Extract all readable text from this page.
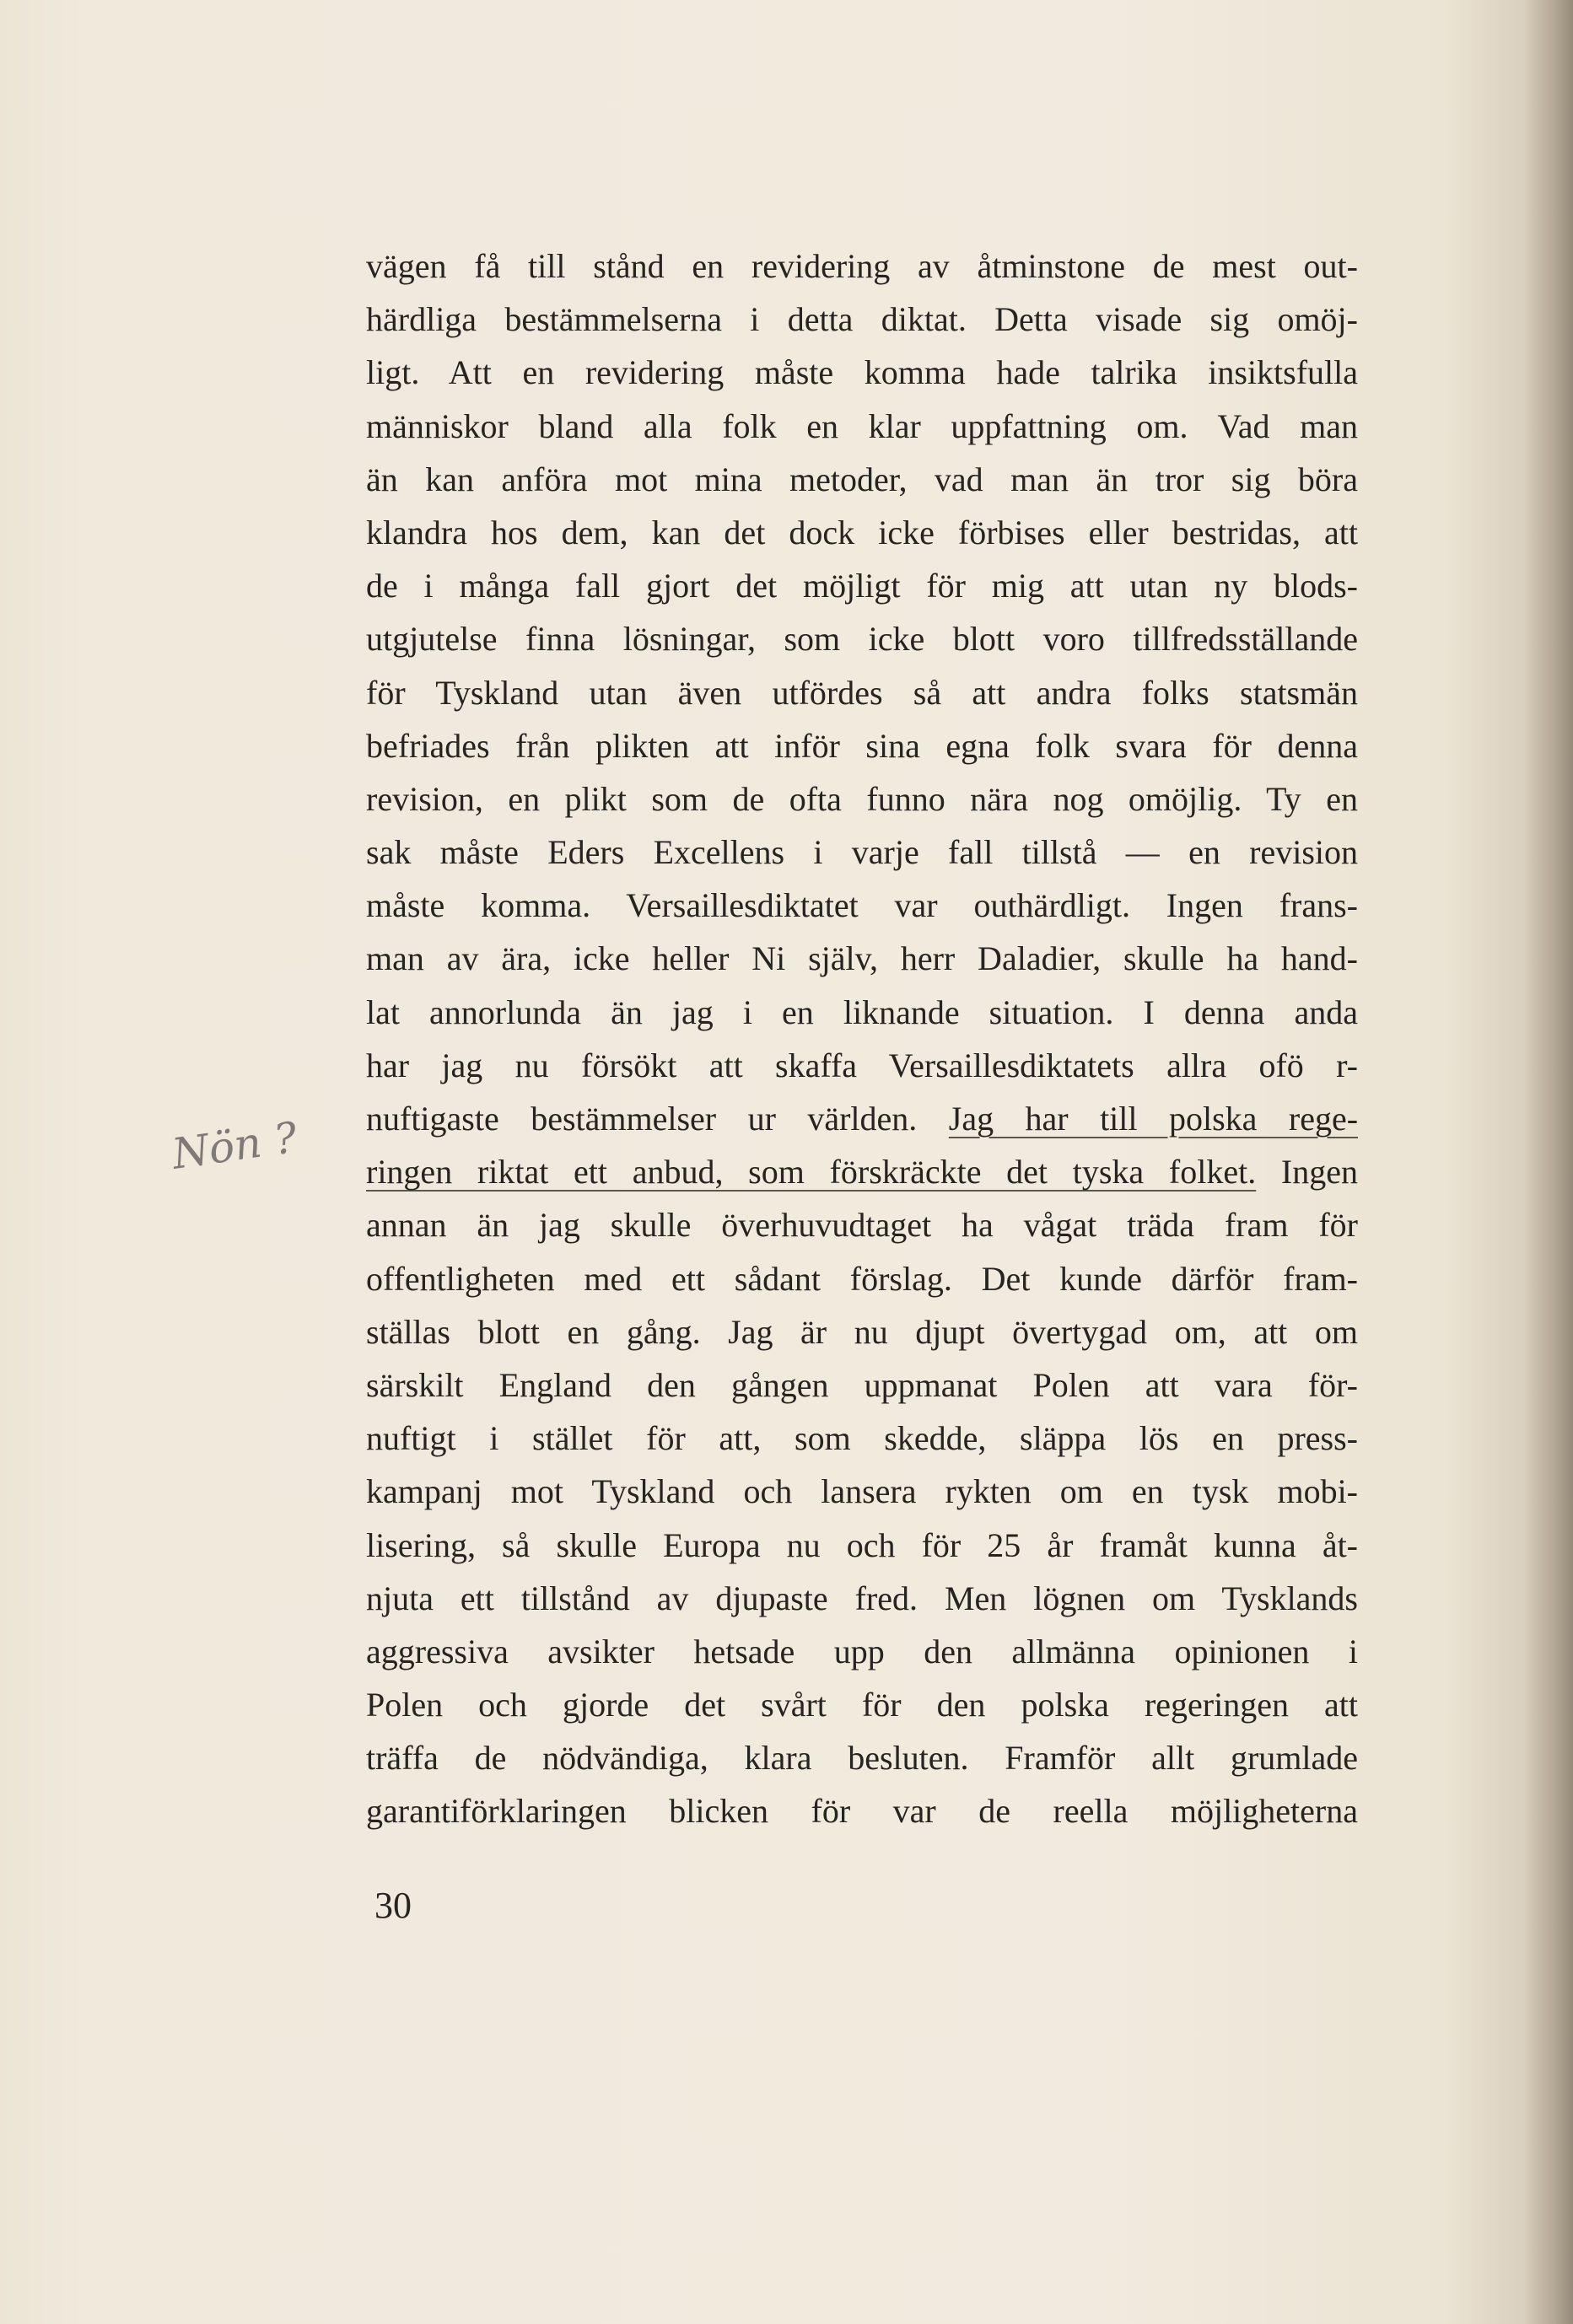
vägen få till stånd en revidering av åtminstone de mest out-
härdliga bestämmelserna i detta diktat. Detta visade sig omöj-
ligt. Att en revidering måste komma hade talrika insiktsfulla
människor bland alla folk en klar uppfattning om. Vad man
än kan anföra mot mina metoder, vad man än tror sig böra
klandra hos dem, kan det dock icke förbises eller bestridas, att
de i många fall gjort det möjligt för mig att utan ny blods-
utgjutelse finna lösningar, som icke blott voro tillfredsställande
för Tyskland utan även utfördes så att andra folks statsmän
befriades från plikten att inför sina egna folk svara för denna
revision, en plikt som de ofta funno nära nog omöjlig. Ty en
sak måste Eders Excellens i varje fall tillstå — en revision
måste komma. Versaillesdiktatet var outhärdligt. Ingen frans-
man av ära, icke heller Ni själv, herr Daladier, skulle ha hand-
lat annorlunda än jag i en liknande situation. I denna anda
har jag nu försökt att skaffa Versaillesdiktatets allra ofö r-
nuftigaste bestämmelser ur världen. Jag har till polska rege-
ringen riktat ett anbud, som förskräckte det tyska folket. Ingen
annan än jag skulle överhuvudtaget ha vågat träda fram för
offentligheten med ett sådant förslag. Det kunde därför fram-
ställas blott en gång. Jag är nu djupt övertygad om, att om
särskilt England den gången uppmanat Polen att vara för-
nuftigt i stället för att, som skedde, släppa lös en press-
kampanj mot Tyskland och lansera rykten om en tysk mobi-
lisering, så skulle Europa nu och för 25 år framåt kunna åt-
njuta ett tillstånd av djupaste fred. Men lögnen om Tysklands
aggressiva avsikter hetsade upp den allmänna opinionen i
Polen och gjorde det svårt för den polska regeringen att
träffa de nödvändiga, klara besluten. Framför allt grumlade
garantiförklaringen blicken för var de reella möjligheterna
Nön ?
30
